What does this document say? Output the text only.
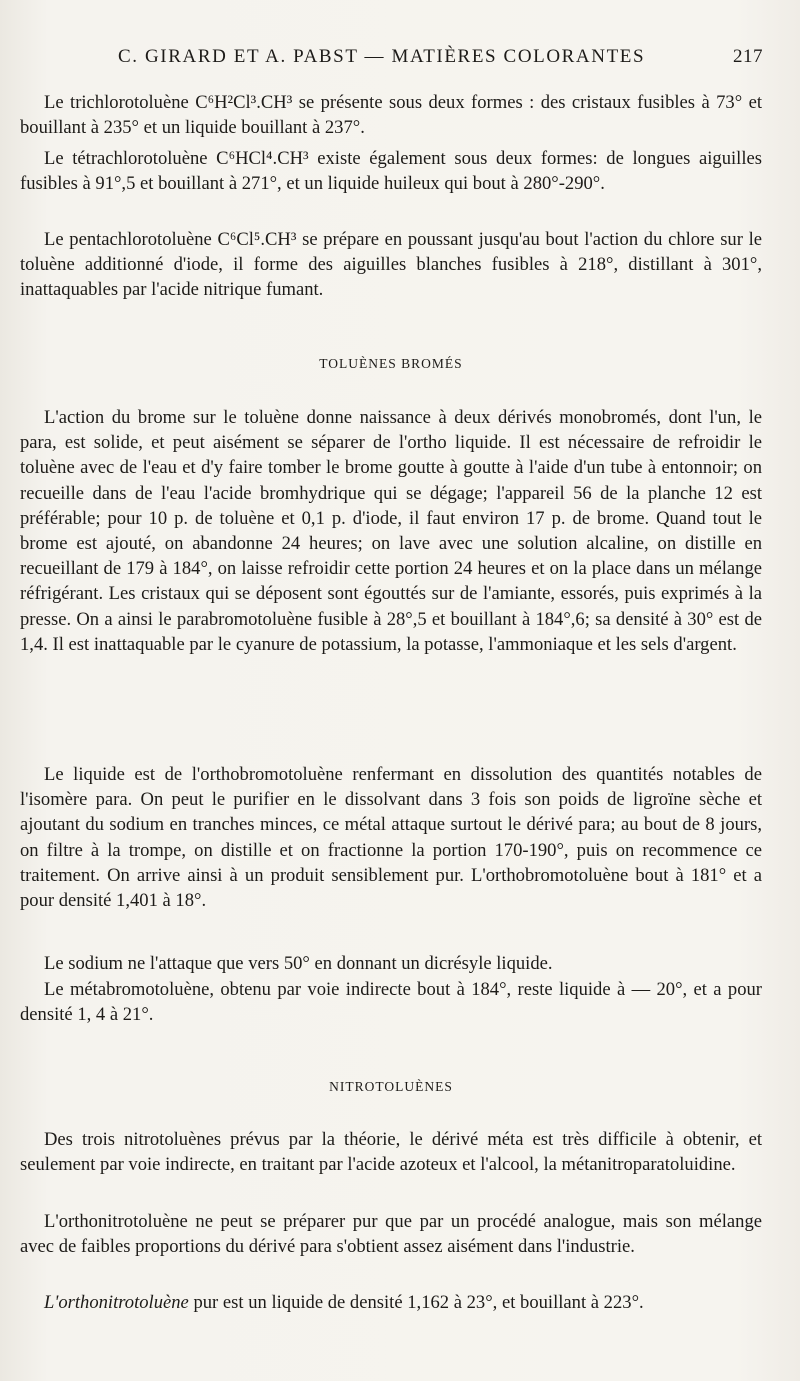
C. GIRARD ET A. PABST — MATIÈRES COLORANTES	217

Le trichlorotoluène C⁶H²Cl³.CH³ se présente sous deux formes : des cristaux fusibles à 73° et bouillant à 235° et un liquide bouillant à 237°.

Le tétrachlorotoluène C⁶HCl⁴.CH³ existe également sous deux formes: de longues aiguilles fusibles à 91°,5 et bouillant à 271°, et un liquide huileux qui bout à 280°-290°.

Le pentachlorotoluène C⁶Cl⁵.CH³ se prépare en poussant jusqu'au bout l'action du chlore sur le toluène additionné d'iode, il forme des aiguilles blanches fusibles à 218°, distillant à 301°, inattaquables par l'acide nitrique fumant.

TOLUÈNES BROMÉS

L'action du brome sur le toluène donne naissance à deux dérivés monobromés, dont l'un, le para, est solide, et peut aisément se séparer de l'ortho liquide. Il est nécessaire de refroidir le toluène avec de l'eau et d'y faire tomber le brome goutte à goutte à l'aide d'un tube à entonnoir; on recueille dans de l'eau l'acide bromhydrique qui se dégage; l'appareil 56 de la planche 12 est préférable; pour 10 p. de toluène et 0,1 p. d'iode, il faut environ 17 p. de brome. Quand tout le brome est ajouté, on abandonne 24 heures; on lave avec une solution alcaline, on distille en recueillant de 179 à 184°, on laisse refroidir cette portion 24 heures et on la place dans un mélange réfrigérant. Les cristaux qui se déposent sont égouttés sur de l'amiante, essorés, puis exprimés à la presse. On a ainsi le parabromotoluène fusible à 28°,5 et bouillant à 184°,6; sa densité à 30° est de 1,4. Il est inattaquable par le cyanure de potassium, la potasse, l'ammoniaque et les sels d'argent.

Le liquide est de l'orthobromotoluène renfermant en dissolution des quantités notables de l'isomère para. On peut le purifier en le dissolvant dans 3 fois son poids de ligroïne sèche et ajoutant du sodium en tranches minces, ce métal attaque surtout le dérivé para; au bout de 8 jours, on filtre à la trompe, on distille et on fractionne la portion 170-190°, puis on recommence ce traitement. On arrive ainsi à un produit sensiblement pur. L'orthobromotoluène bout à 181° et a pour densité 1,401 à 18°.

Le sodium ne l'attaque que vers 50° en donnant un dicrésyle liquide.

Le métabromotoluène, obtenu par voie indirecte bout à 184°, reste liquide à — 20°, et a pour densité 1, 4 à 21°.

NITROTOLUÈNES

Des trois nitrotoluènes prévus par la théorie, le dérivé méta est très difficile à obtenir, et seulement par voie indirecte, en traitant par l'acide azoteux et l'alcool, la métanitroparatoluidine.

L'orthonitrotoluène ne peut se préparer pur que par un procédé analogue, mais son mélange avec de faibles proportions du dérivé para s'obtient assez aisément dans l'industrie.

L'orthonitrotoluène pur est un liquide de densité 1,162 à 23°, et bouillant à 223°.
